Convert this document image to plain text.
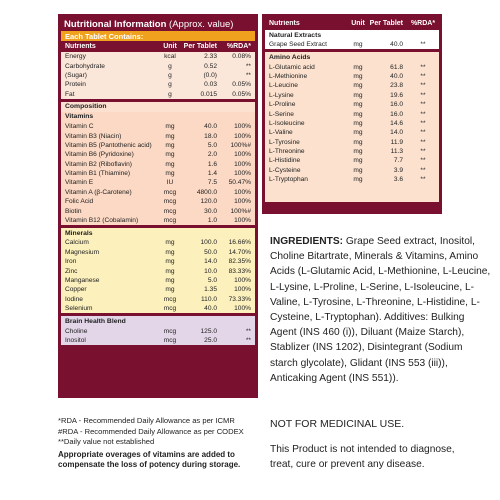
Nutritional Information (Approx. value)
Each Tablet Contains:
Nutrients	Unit Per Tablet	%RDA*
Energy	kcal	2.33	0.08%
Carbohydrate	g	0.52	**
(Sugar)	g	(0.0)	**
Protein	g	0.03	0.05%
Fat	g	0.015	0.05%
Composition
Vitamins
Vitamin C	mg	40.0	100%
Vitamin B3 (Niacin)	mg	18.0	100%
Vitamin B5 (Pantothenic acid)	mg	5.0	100%#
Vitamin B6 (Pyridoxine)	mg	2.0	100%
Vitamin B2 (Riboflavin)	mg	1.6	100%
Vitamin B1 (Thiamine)	mg	1.4	100%
Vitamin E	IU	7.5	50.47%
Vitamin A (β-Carotene)	mcg	4800.0	100%
Folic Acid	mcg	120.0	100%
Biotin	mcg	30.0	100%#
Vitamin B12 (Cobalamin)	mcg	1.0	100%
Minerals
Calcium	mg	100.0	16.66%
Magnesium	mg	50.0	14.70%
Iron	mg	14.0	82.35%
Zinc	mg	10.0	83.33%
Manganese	mg	5.0	100%
Copper	mg	1.35	100%
Iodine	mcg	110.0	73.33%
Selenium	mcg	40.0	100%
Brain Health Blend
Choline	mcg	125.0	**
Inositol	mcg	25.0	**
Nutrients	Unit Per Tablet	%RDA*
Natural Extracts
Grape Seed Extract	mg	40.0	**
Amino Acids
L-Glutamic acid	mg	61.8	**
L-Methionine	mg	40.0	**
L-Leucine	mg	23.8	**
L-Lysine	mg	19.6	**
L-Proline	mg	16.0	**
L-Serine	mg	16.0	**
L-Isoleucine	mg	14.6	**
L-Valine	mg	14.0	**
L-Tyrosine	mg	11.9	**
L-Threonine	mg	11.3	**
L-Histidine	mg	7.7	**
L-Cysteine	mg	3.9	**
L-Tryptophan	mg	3.6	**
INGREDIENTS: Grape Seed extract, Inositol, Choline Bitartrate, Minerals & Vitamins, Amino Acids (L-Glutamic Acid, L-Methionine, L-Leucine, L-Lysine, L-Proline, L-Serine, L-Isoleucine, L-Valine, L-Tyrosine, L-Threonine, L-Histidine, L-Cysteine, L-Tryptophan). Additives: Bulking Agent (INS 460 (i)), Diluant (Maize Starch), Stablizer (INS 1202), Disintegrant (Sodium starch glycolate), Glidant (INS 553 (iii)), Anticaking Agent (INS 551)).
*RDA - Recommended Daily Allowance as per ICMR
#RDA - Recommended Daily Allowance as per CODEX
**Daily value not established
Appropriate overages of vitamins are added to compensate the loss of potency during storage.
NOT FOR MEDICINAL USE.
This Product is not intended to diagnose, treat, cure or prevent any disease.
